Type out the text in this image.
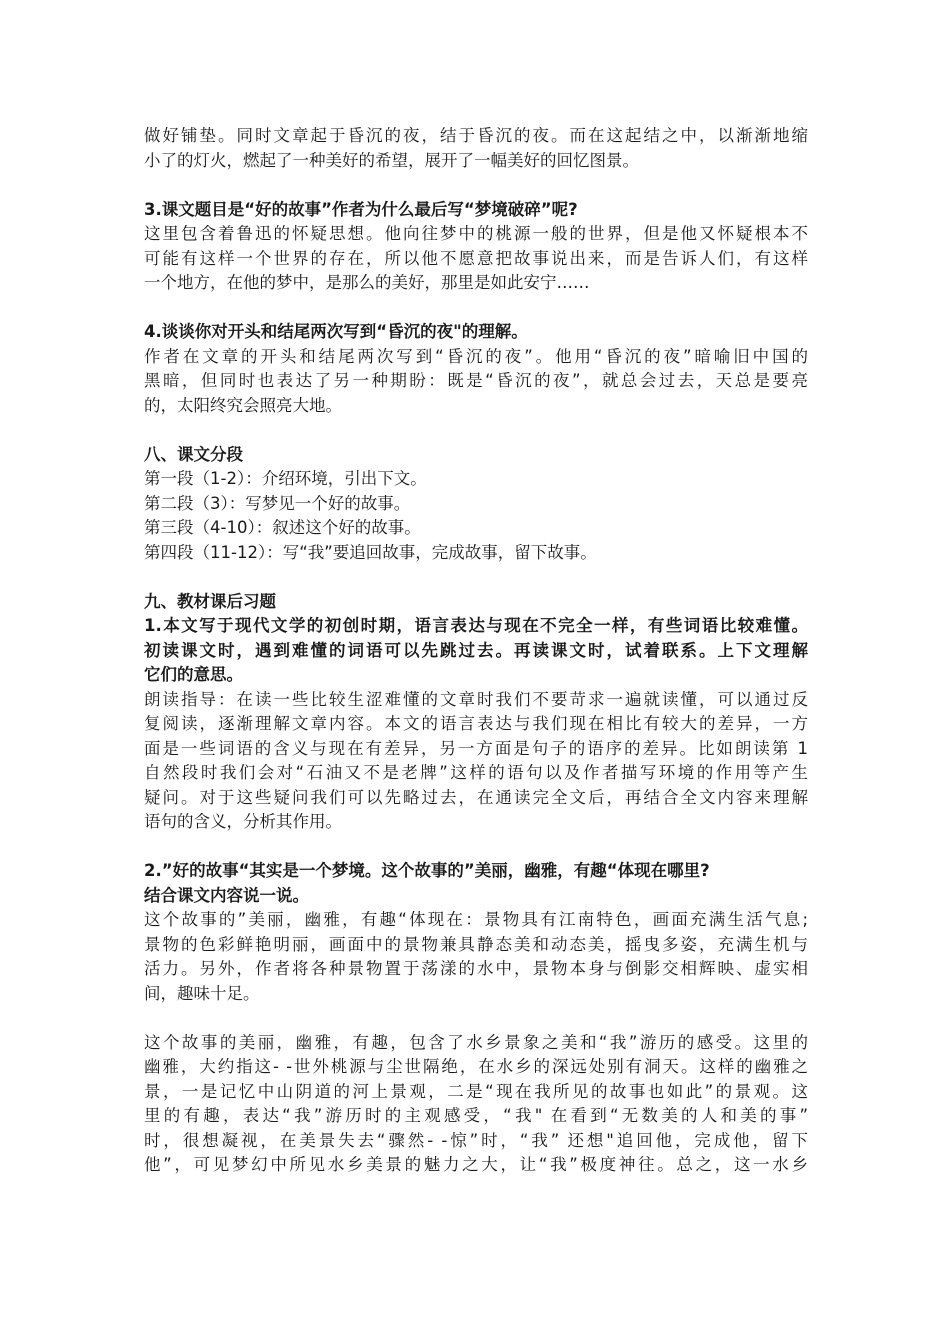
做好铺垫。同时文章起于昏沉的夜，结于昏沉的夜。而在这起结之中，以渐渐地缩
小了的灯火，燃起了一种美好的希望，展开了一幅美好的回忆图景。
3.课文题目是“好的故事”作者为什么最后写“梦境破碎”呢?
这里包含着鲁迅的怀疑思想。他向往梦中的桃源一般的世界，但是他又怀疑根本不
可能有这样一个世界的存在，所以他不愿意把故事说出来，而是告诉人们，有这样
一个地方，在他的梦中，是那么的美好，那里是如此安宁……
4.谈谈你对开头和结尾两次写到“昏沉的夜"的理解。
作者在文章的开头和结尾两次写到“昏沉的夜”。他用“昏沉的夜”暗喻旧中国的
黑暗，但同时也表达了另一种期盼：既是“昏沉的夜”，就总会过去，天总是要亮
的，太阳终究会照亮大地。
八、课文分段
第一段（1-2）：介绍环境，引出下文。
第二段（3）：写梦见一个好的故事。
第三段（4-10）：叙述这个好的故事。
第四段（11-12）：写“我”要追回故事，完成故事，留下故事。
九、教材课后习题
1.本文写于现代文学的初创时期，语言表达与现在不完全一样，有些词语比较难懂。
初读课文时，遇到难懂的词语可以先跳过去。再读课文时，试着联系。上下文理解
它们的意思。
朗读指导：在读一些比较生涩难懂的文章时我们不要苛求一遍就读懂，可以通过反
复阅读，逐渐理解文章内容。本文的语言表达与我们现在相比有较大的差异，一方
面是一些词语的含义与现在有差异，另一方面是句子的语序的差异。比如朗读第 1
自然段时我们会对“石油又不是老牌”这样的语句以及作者描写环境的作用等产生
疑问。对于这些疑问我们可以先略过去，在通读完全文后，再结合全文内容来理解
语句的含义，分析其作用。
2.”好的故事“其实是一个梦境。这个故事的”美丽，幽雅，有趣“体现在哪里?
结合课文内容说一说。
这个故事的”美丽，幽雅，有趣“体现在：景物具有江南特色，画面充满生活气息;
景物的色彩鲜艳明丽，画面中的景物兼具静态美和动态美，摇曳多姿，充满生机与
活力。另外，作者将各种景物置于荡漾的水中，景物本身与倒影交相辉映、虚实相
间，趣味十足。
这个故事的美丽，幽雅，有趣，包含了水乡景象之美和“我”游历的感受。这里的
幽雅，大约指这- -世外桃源与尘世隔绝，在水乡的深远处别有洞天。这样的幽雅之
景，一是记忆中山阴道的河上景观，二是“现在我所见的故事也如此”的景观。这
里的有趣，表达“我”游历时的主观感受，“我" 在看到“无数美的人和美的事”
时，很想凝视，在美景失去“骤然- -惊”时，“我” 还想"追回他，完成他，留下
他”，可见梦幻中所见水乡美景的魅力之大，让“我”极度神往。总之，这一水乡
